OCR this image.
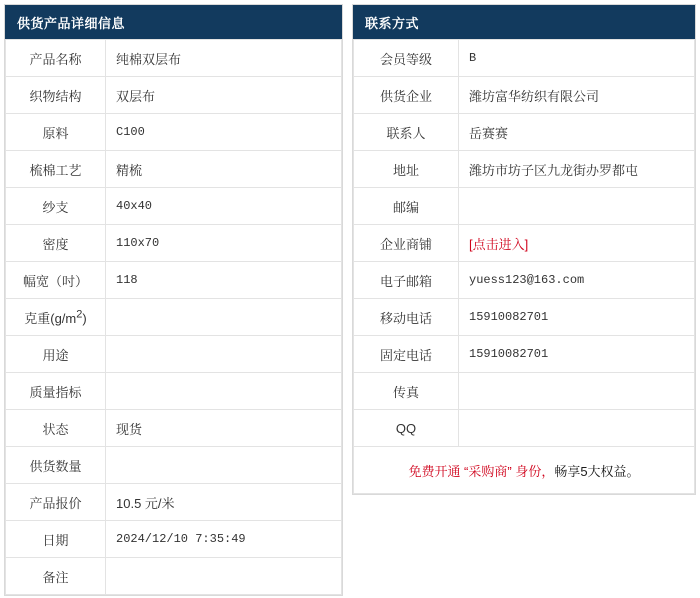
供货产品详细信息
产品名称	纯棉双层布
织物结构	双层布
原料	C100
梳棉工艺	精梳
纱支	40x40
密度	110x70
幅宽（吋）	118
克重$(g/m^2)$	
用途	
质量指标	
状态	现货
供货数量	
产品报价	10.5 元/米
日期	2024/12/10 7:35:49
备注	
联系方式
会员等级	B
供货企业	潍坊富华纺织有限公司
联系人	岳赛赛
地址	潍坊市坊子区九龙街办罗都屯
邮编	
企业商铺	[点击进入]
电子邮箱	yuess123@163.com
移动电话	15910082701
固定电话	15910082701
传真	
QQ	
免费开通 “采购商” 身份，畅享5大权益。
